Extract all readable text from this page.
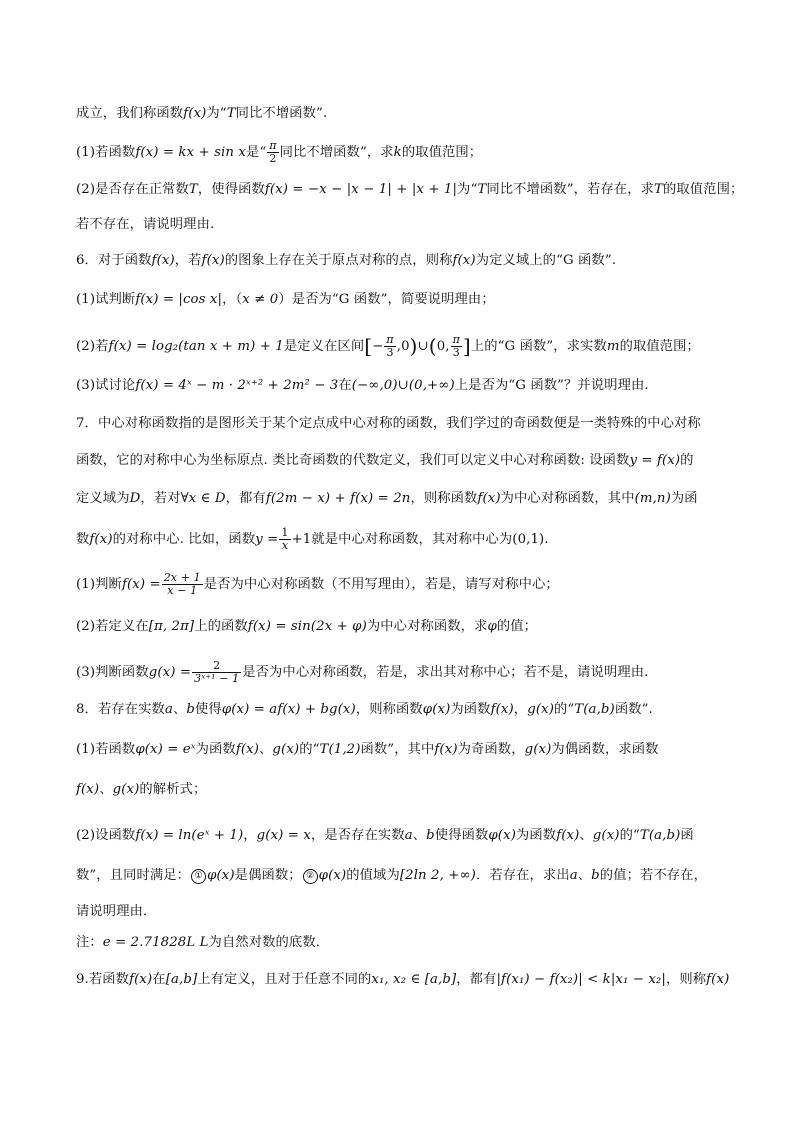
成立，我们称函数f(x)为“T同比不增函数”.
(1)若函数f(x) = kx + sin x是“ $\frac{\pi}{2}$ 同比不增函数”，求k的取值范围；
(2)是否存在正常数T，使得函数f(x) = −x − |x − 1| + |x + 1|为“T同比不增函数”，若存在，求T的取值范围；
若不存在，请说明理由.
6．对于函数f(x)，若f(x)的图象上存在关于原点对称的点，则称f(x)为定义域上的“G 函数”.
(1)试判断f(x) = |cos x|，（x ≠ 0）是否为“G 函数”，简要说明理由；
(2)若f(x) = log₂(tan x + m) + 1是定义在区间[− $\frac{\pi}{3}$ ,0)∪(0, $\frac{\pi}{3}$ ]上的“G 函数”，求实数m的取值范围；
(3)试讨论f(x) = 4ˣ − m · 2ˣ⁺² + 2m² − 3在(−∞,0)∪(0,+∞)上是否为“G 函数”？并说明理由.
7．中心对称函数指的是图形关于某个定点成中心对称的函数，我们学过的奇函数便是一类特殊的中心对称
函数，它的对称中心为坐标原点. 类比奇函数的代数定义，我们可以定义中心对称函数: 设函数y = f(x)的
定义域为D，若对∀x ∈ D，都有f(2m − x) + f(x) = 2n，则称函数f(x)为中心对称函数，其中(m,n)为函
数f(x)的对称中心. 比如，函数$y = \frac{1}{x} +1$就是中心对称函数，其对称中心为(0,1).
(1)判断$f(x) = \frac{2x + 1}{x - 1}$ 是否为中心对称函数（不用写理由），若是，请写对称中心；
(2)若定义在[π, 2π]上的函数f(x) = sin(2x + φ)为中心对称函数，求φ的值；
(3)判断函数$g(x) = \frac{2}{\text{3ˣ⁺¹ − 1}}$ 是否为中心对称函数，若是，求出其对称中心；若不是，请说明理由.
8．若存在实数a、b使得φ(x) = af(x) + bg(x)，则称函数φ(x)为函数f(x)，g(x)的“T(a,b)函数”.
(1)若函数φ(x) = eˣ为函数f(x)、g(x)的“T(1,2)函数”，其中f(x)为奇函数，g(x)为偶函数，求函数
f(x)、g(x)的解析式；
(2)设函数f(x) = ln(eˣ + 1)，g(x) = x，是否存在实数a、b使得函数φ(x)为函数f(x)、g(x)的“T(a,b)函
数”，且同时满足： ① φ(x)是偶函数； ② φ(x)的值域为[2ln 2, +∞)．若存在，求出a、b的值；若不存在，
请说明理由．
注：e = 2.71828L L为自然对数的底数．
9.若函数f(x)在[a,b]上有定义，且对于任意不同的x₁, x₂ ∈ [a,b]，都有|f(x₁) − f(x₂)| < k|x₁ − x₂|，则称f(x)
